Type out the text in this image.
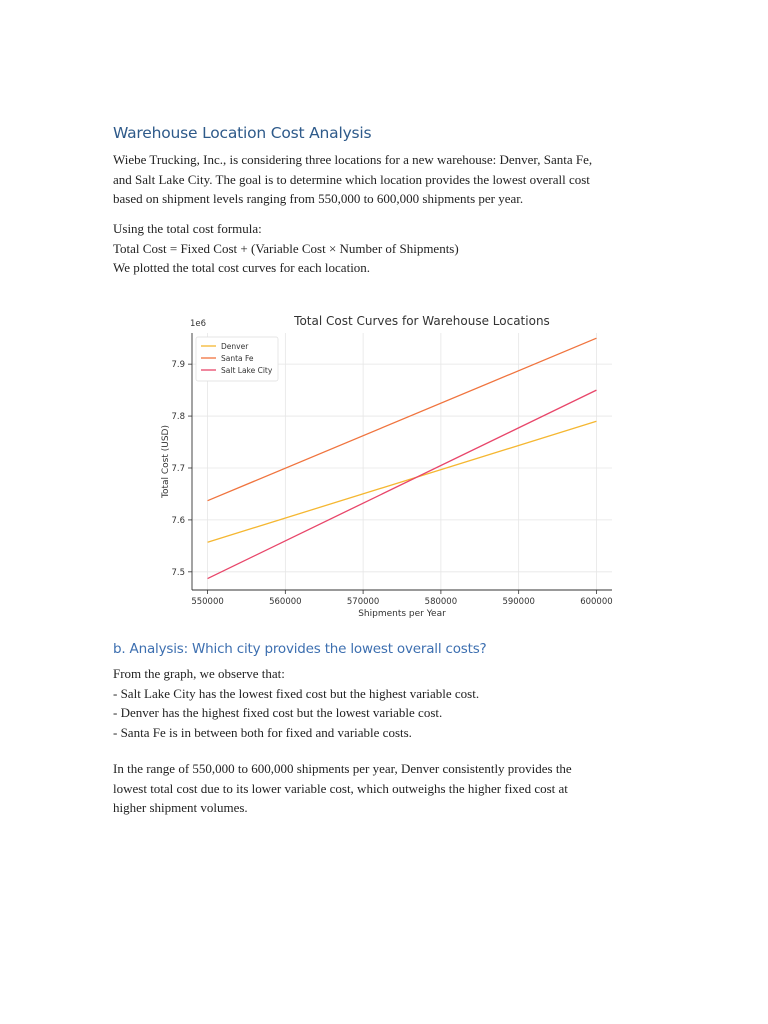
Warehouse Location Cost Analysis

Wiebe Trucking, Inc., is considering three locations for a new warehouse: Denver, Santa Fe,
and Salt Lake City. The goal is to determine which location provides the lowest overall cost
based on shipment levels ranging from 550,000 to 600,000 shipments per year.

Using the total cost formula:
Total Cost = Fixed Cost + (Variable Cost × Number of Shipments)
We plotted the total cost curves for each location.

550000	560000	570000	580000	590000	600000
7.5
7.6
7.7
7.8
7.9
1e6	Total Cost Curves for Warehouse Locations
Shipments per Year
Total Cost (USD)
Denver
Santa Fe
Salt Lake City
b. Analysis: Which city provides the lowest overall costs?

From the graph, we observe that:
- Salt Lake City has the lowest fixed cost but the highest variable cost.
- Denver has the highest fixed cost but the lowest variable cost.
- Santa Fe is in between both for fixed and variable costs.

In the range of 550,000 to 600,000 shipments per year, Denver consistently provides the
lowest total cost due to its lower variable cost, which outweighs the higher fixed cost at
higher shipment volumes.
